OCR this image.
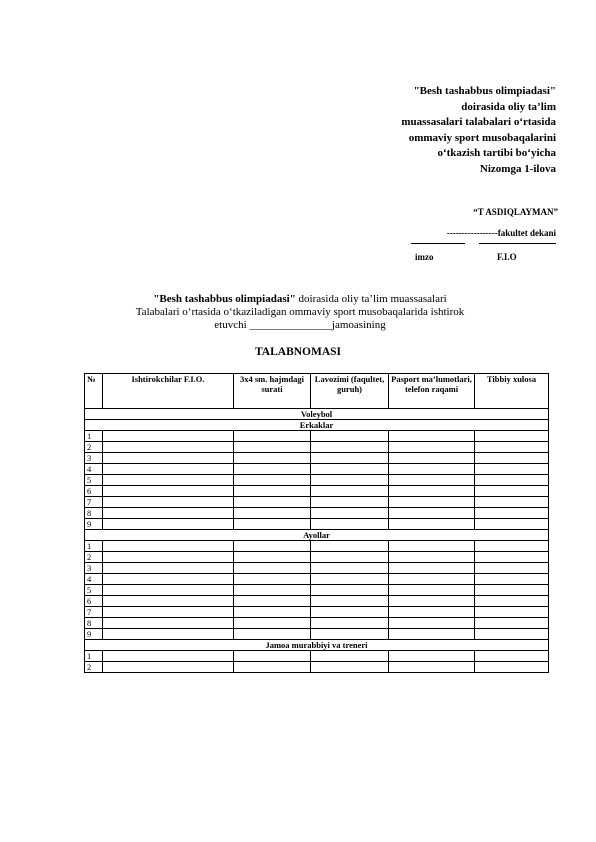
"Besh tashabbus olimpiadasi"
doirasida oliy ta’lim
muassasalari talabalari o‘rtasida
ommaviy sport musobaqalarini
o‘tkazish tartibi bo‘yicha
Nizomga 1-ilova
“T ASDIQLAYMAN”
-----------------fakultet dekani
imzo	F.I.O
"Besh tashabbus olimpiadasi" doirasida oliy ta’lim muassasalari
Talabalari o‘rtasida o‘tkaziladigan ommaviy sport musobaqalarida ishtirok
etuvchi _______________jamoasining
TALABNOMASI
№	Ishtirokchilar F.I.O.	3x4 sm. hajmdagi surati	Lavozimi (faqultet, guruh)	Pasport ma’lumotlari, telefon raqami	Tibbiy xulosa
Voleybol					
Erkaklar					
1					
2					
3					
4					
5					
6					
7					
8					
9					
Ayollar					
1					
2					
3					
4					
5					
6					
7					
8					
9					
Jamoa murabbiyi va treneri					
1					
2					
